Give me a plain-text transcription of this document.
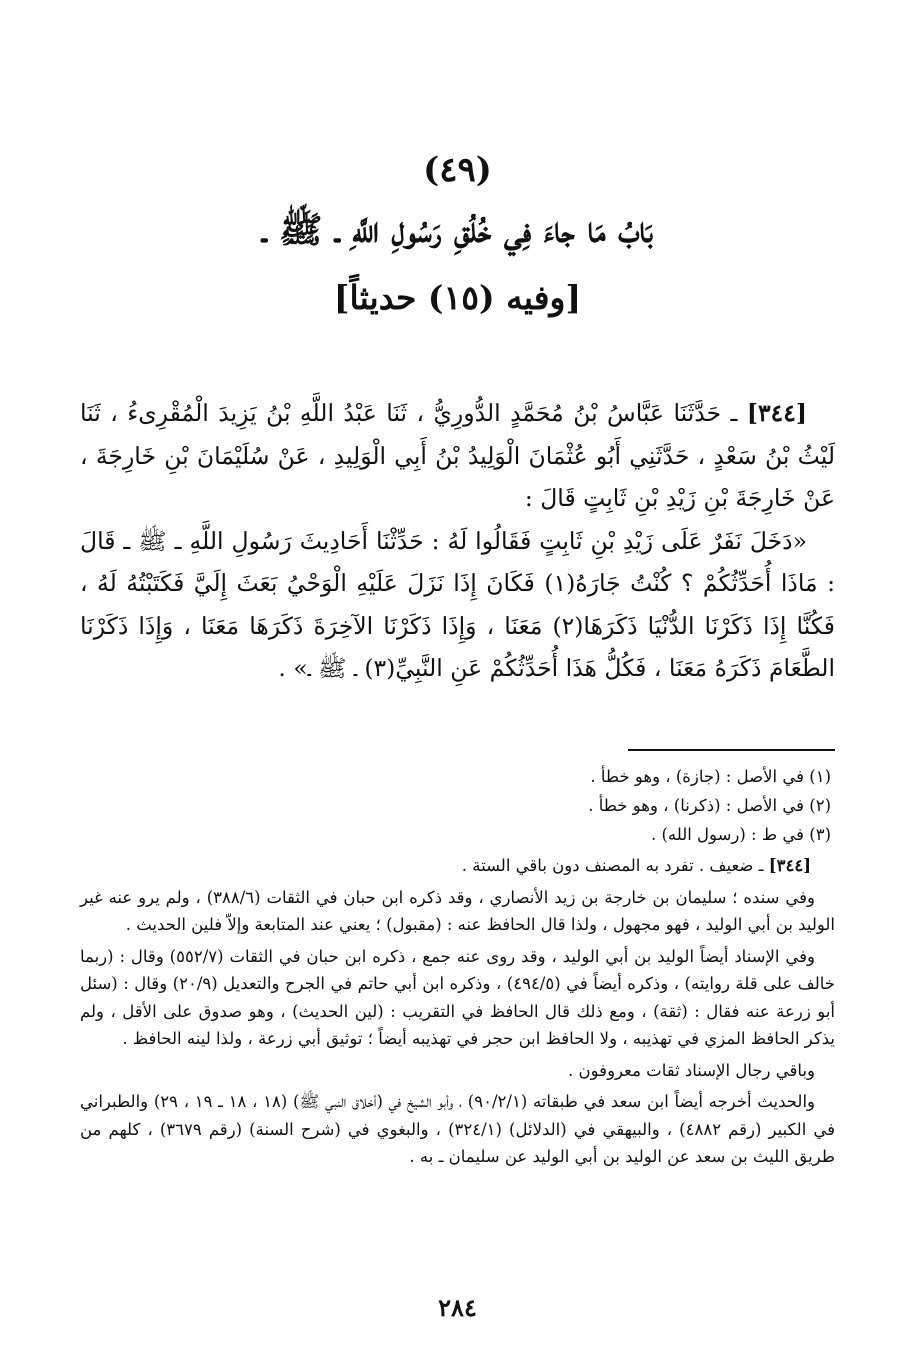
(٤٩)
بَابُ مَا جاءَ فِي خُلُقِ رَسُولِ اللَّهِ ـ ﷺ ـ
[وفيه (١٥) حديثاً]

[٣٤٤] ـ حَدَّثَنَا عَبَّاسُ بْنُ مُحَمَّدٍ الدُّورِيُّ ، ثَنَا عَبْدُ اللَّهِ بْنُ يَزِيدَ الْمُقْرِىءُ ، ثَنَا لَيْثُ بْنُ سَعْدٍ ، حَدَّثَنِي أَبُو عُثْمَانَ الْوَلِيدُ بْنُ أَبِي الْوَلِيدِ ، عَنْ سُلَيْمَانَ بْنِ خَارِجَةَ ، عَنْ خَارِجَةَ بْنِ زَيْدِ بْنِ ثَابِتٍ قَالَ :

«دَخَلَ نَفَرٌ عَلَى زَيْدِ بْنِ ثَابِتٍ فَقَالُوا لَهُ : حَدِّثْنَا أَحَادِيثَ رَسُولِ اللَّهِ ـ ﷺ ـ قَالَ : مَاذَا أُحَدِّثُكُمْ ؟ كُنْتُ جَارَهُ(١) فَكَانَ إِذَا نَزَلَ عَلَيْهِ الْوَحْيُ بَعَثَ إِلَيَّ فَكَتَبْتُهُ لَهُ ، فَكُنَّا إِذَا ذَكَرْنَا الدُّنْيَا ذَكَرَهَا(٢) مَعَنَا ، وَإِذَا ذَكَرْنَا الآخِرَةَ ذَكَرَهَا مَعَنَا ، وَإِذَا ذَكَرْنَا الطَّعَامَ ذَكَرَهُ مَعَنَا ، فَكُلُّ هَذَا أُحَدِّثُكُمْ عَنِ النَّبِيِّ(٣) ـ ﷺ ـ» .

(١) في الأصل : (جازة) ، وهو خطأ .

(٢) في الأصل : (ذكرنا) ، وهو خطأ .

(٣) في ط : (رسول الله) .

[٣٤٤] ـ ضعيف . تفرد به المصنف دون باقي الستة .

وفي سنده ؛ سليمان بن خارجة بن زيد الأنصاري ، وقد ذكره ابن حبان في الثقات (٣٨٨/٦) ، ولم يرو عنه غير الوليد بن أبي الوليد ، فهو مجهول ، ولذا قال الحافظ عنه : (مقبول) ؛ يعني عند المتابعة وإلاّ فلين الحديث .

وفي الإسناد أيضاً الوليد بن أبي الوليد ، وقد روى عنه جمع ، ذكره ابن حبان في الثقات (٥٥٢/٧) وقال : (ربما خالف على قلة روايته) ، وذكره أيضاً في (٤٩٤/٥) ، وذكره ابن أبي حاتم في الجرح والتعديل (٢٠/٩) وقال : (سئل أبو زرعة عنه فقال : (ثقة) ، ومع ذلك قال الحافظ في التقريب : (لين الحديث) ، وهو صدوق على الأقل ، ولم يذكر الحافظ المزي في تهذيبه ، ولا الحافظ ابن حجر في تهذيبه أيضاً ؛ توثيق أبي زرعة ، ولذا لينه الحافظ .

وباقي رجال الإسناد ثقات معروفون .

والحديث أخرجه أيضاً ابن سعد في طبقاته (٩٠/٢/١) ، وأبو الشيخ في (أخلاق النبي ﷺ) (١٨ ، ١٨ ـ ١٩ ، ٢٩) والطبراني في الكبير (رقم ٤٨٨٢) ، والبيهقي في (الدلائل) (٣٢٤/١) ، والبغوي في (شرح السنة) (رقم ٣٦٧٩) ، كلهم من طريق الليث بن سعد عن الوليد بن أبي الوليد عن سليمان ـ به .

٢٨٤
